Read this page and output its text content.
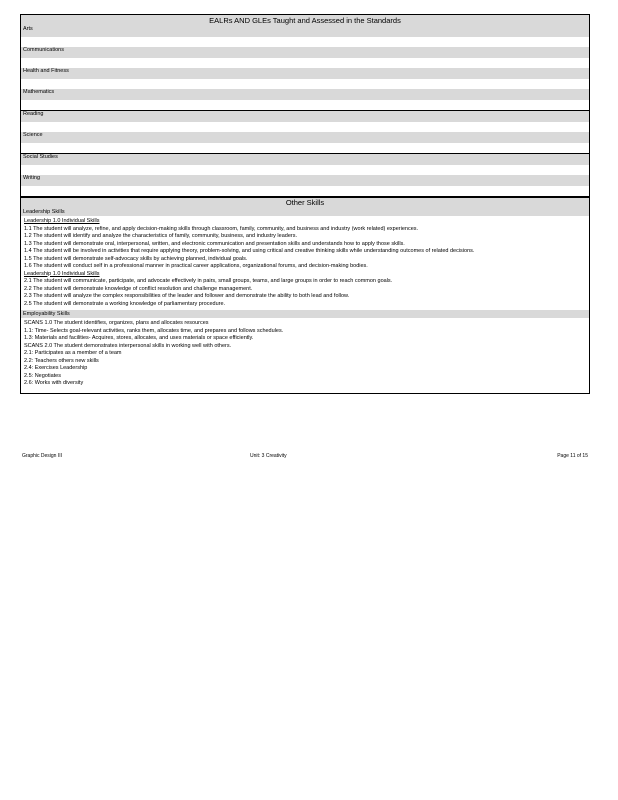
EALRs AND GLEs Taught and Assessed in the Standards
Arts
Communications
Health and Fitness
Mathematics
Reading
Science
Social Studies
Writing
Other Skills
Leadership Skills
Leadership 1.0 Individual Skills
1.1 The student will analyze, refine, and apply decision-making skills through classroom, family, community, and business and industry (work related) experiences.
1.2 The student will identify and analyze the characteristics of family, community, business, and industry leaders.
1.3 The student will demonstrate oral, interpersonal, written, and electronic communication and presentation skills and understands how to apply those skills.
1.4 The student will be involved in activities that require applying theory, problem-solving, and using critical and creative thinking skills while understanding outcomes of related decisions.
1.5 The student will demonstrate self-advocacy skills by achieving planned, individual goals.
1.6 The student will conduct self in a professional manner in practical career applications, organizational forums, and decision-making bodies.
Leadership 1.0 Individual Skills
2.1 The student will communicate, participate, and advocate effectively in pairs, small groups, teams, and large groups in order to reach common goals.
2.2 The student will demonstrate knowledge of conflict resolution and challenge management.
2.3 The student will analyze the complex responsibilities of the leader and follower and demonstrate the ability to both lead and follow.
2.5 The student will demonstrate a working knowledge of parliamentary procedure.
Employability Skills
SCANS 1.0 The student identifies, organizes, plans and allocates resources
1.1: Time- Selects goal-relevant activities, ranks them, allocates time, and prepares and follows schedules.
1.3: Materials and facilities- Acquires, stores, allocates, and uses materials or space efficiently.
SCANS 2.0 The student demonstrates interpersonal skills in working well with others.
2.1: Participates as a member of a team
2.2: Teachers others new skills
2.4: Exercises Leadership
2.5: Negotiates
2.6: Works with diversity
Graphic Design III	Unit: 3 Creativity	Page 11 of 15
